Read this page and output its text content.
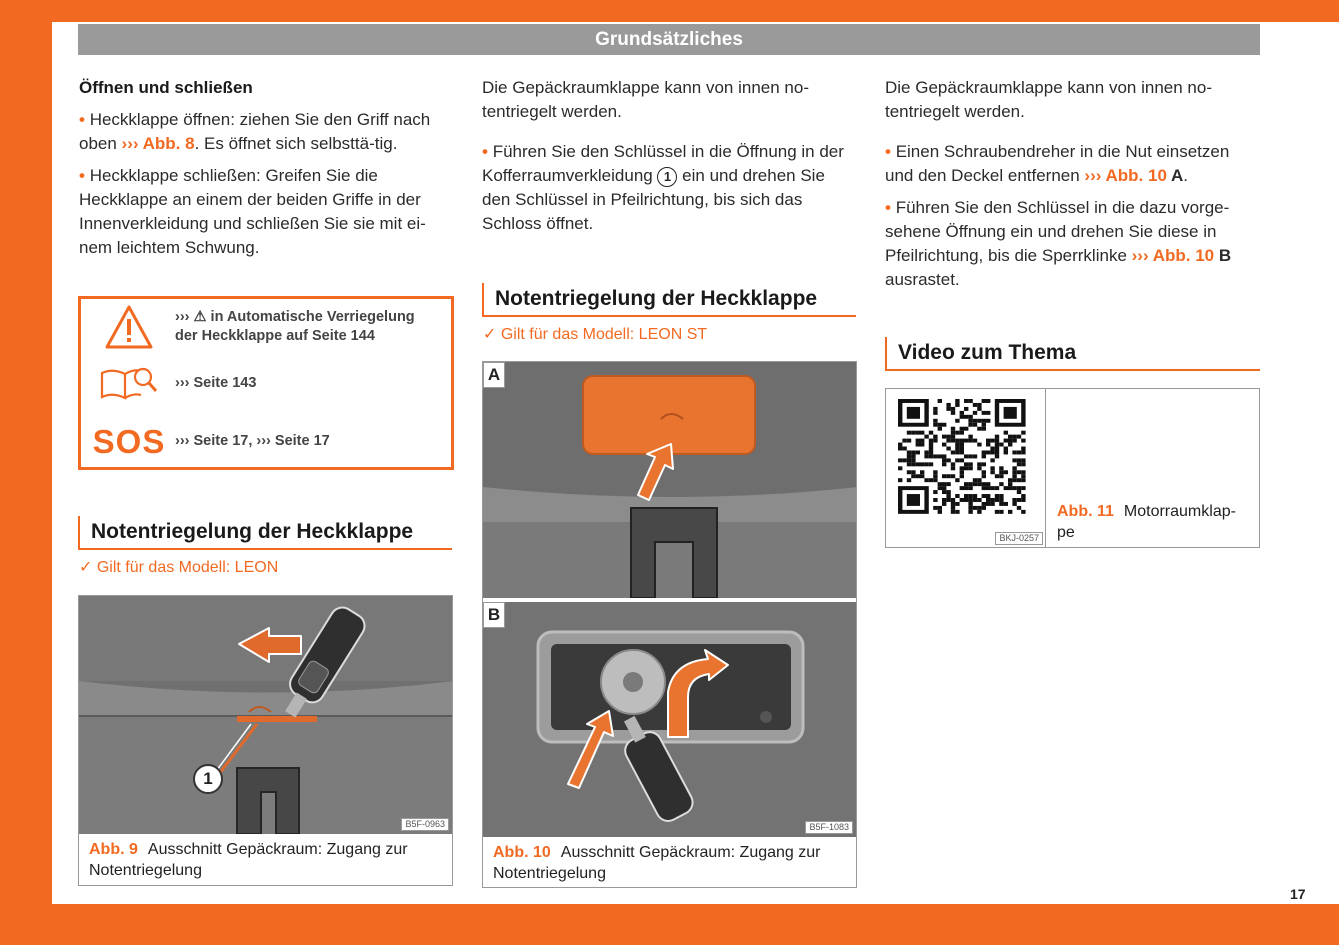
Grundsätzliches
Öffnen und schließen

• Heckklappe öffnen: ziehen Sie den Griff nach oben ››› Abb. 8. Es öffnet sich selbsttä-tig.

• Heckklappe schließen: Greifen Sie die Heckklappe an einem der beiden Griffe in der Innenverkleidung und schließen Sie sie mit ei-nem leichtem Schwung.

››› ⚠ in Automatische Verriegelung
der Heckklappe auf Seite 144
››› Seite 143
SOS ››› Seite 17, ››› Seite 17
Notentriegelung der Heckklappe
✓ Gilt für das Modell: LEON
1
B5F-0963
Abb. 9 Ausschnitt Gepäckraum: Zugang zur Notentriegelung

Die Gepäckraumklappe kann von innen no-tentriegelt werden.

• Führen Sie den Schlüssel in die Öffnung in der Kofferraumverkleidung 1 ein und drehen Sie den Schlüssel in Pfeilrichtung, bis sich das Schloss öffnet.

Notentriegelung der Heckklappe
✓ Gilt für das Modell: LEON ST
A
B
B5F-1083
Abb. 10 Ausschnitt Gepäckraum: Zugang zur Notentriegelung

Die Gepäckraumklappe kann von innen no-tentriegelt werden.

• Einen Schraubendreher in die Nut einsetzen und den Deckel entfernen ››› Abb. 10 A.

• Führen Sie den Schlüssel in die dazu vorge-sehene Öffnung ein und drehen Sie diese in Pfeilrichtung, bis die Sperrklinke ››› Abb. 10 B ausrastet.

Video zum Thema
BKJ-0257
Abb. 11 Motorraumklap-pe
17
